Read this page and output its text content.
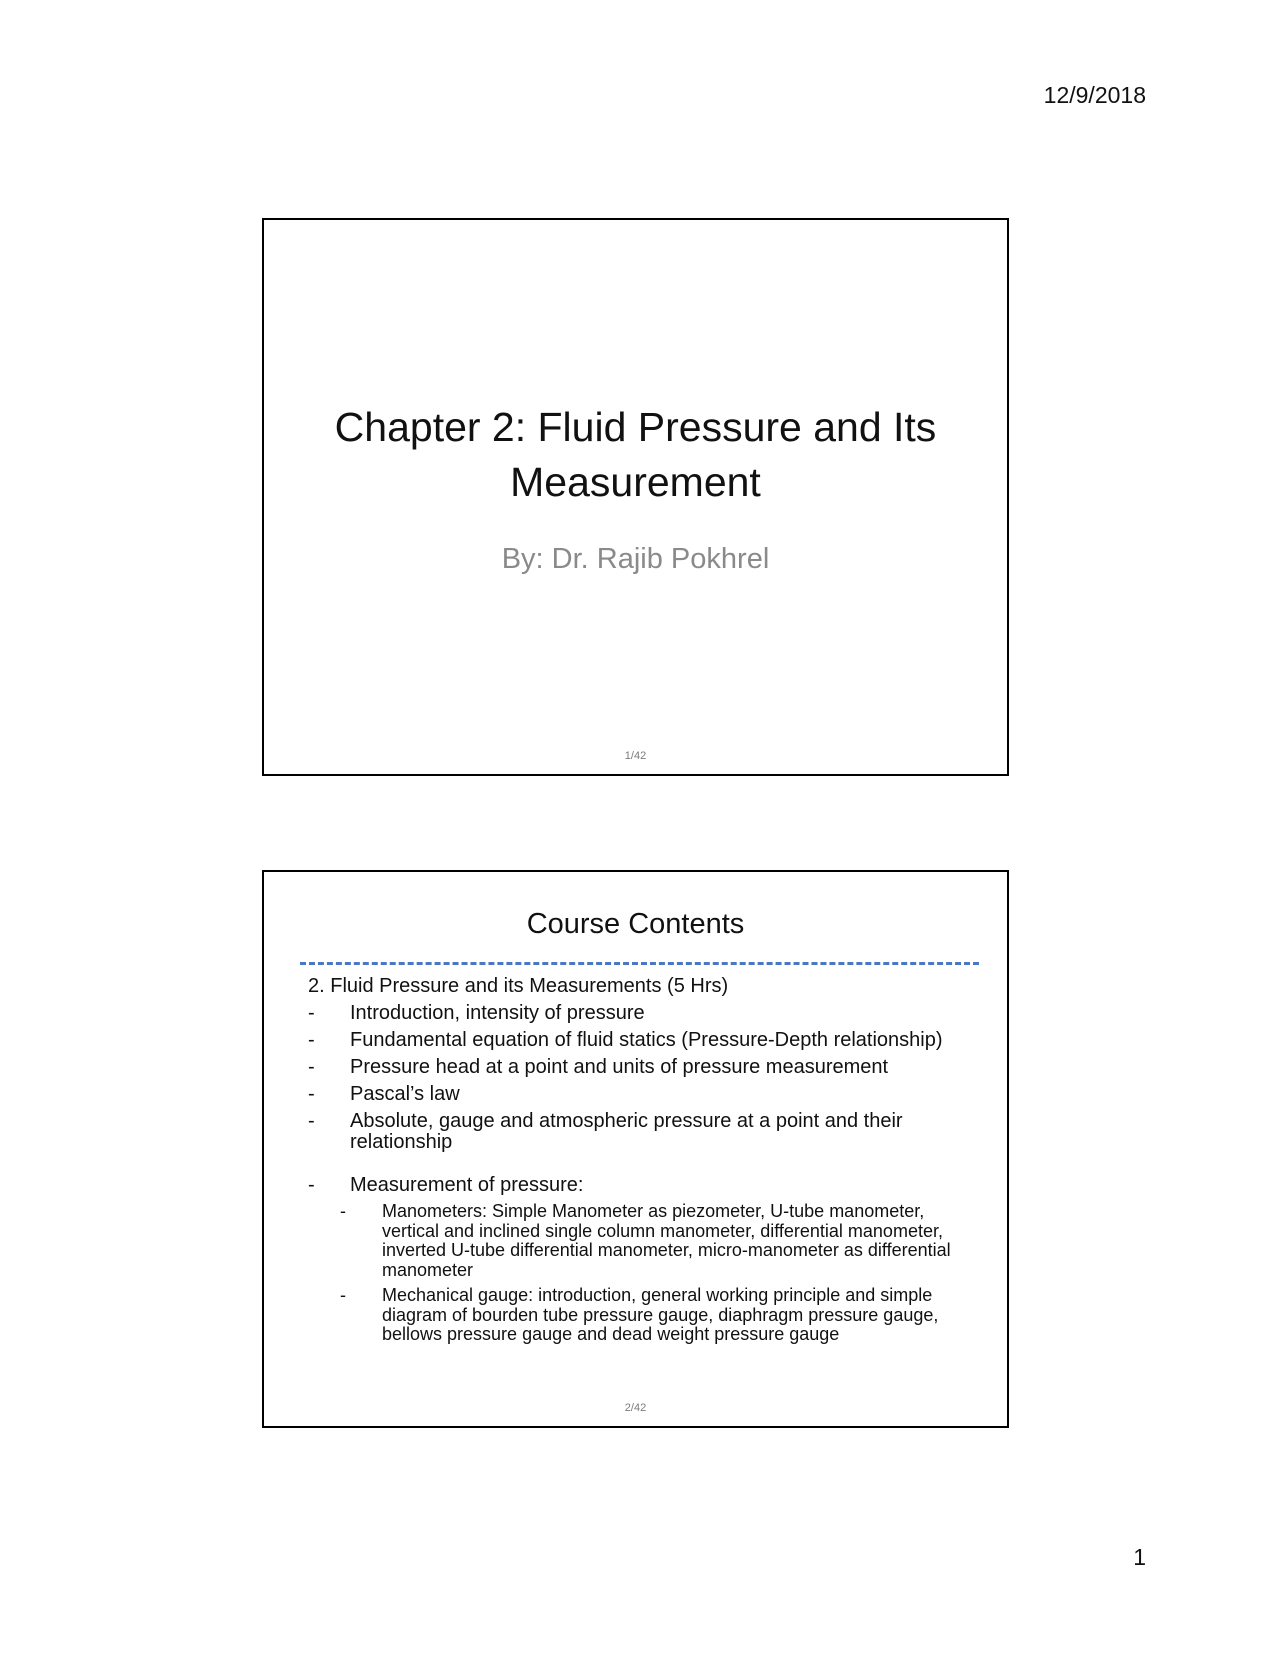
12/9/2018
Chapter 2: Fluid Pressure and Its Measurement
By: Dr. Rajib Pokhrel
1/42
Course Contents
2. Fluid Pressure and its Measurements (5 Hrs)
-	Introduction, intensity of pressure
-	Fundamental equation of fluid statics (Pressure-Depth relationship)
-	Pressure head at a point and units of pressure measurement
-	Pascal’s law
-	Absolute, gauge and atmospheric pressure at a point and their relationship
-	Measurement of pressure:
-	Manometers: Simple Manometer as piezometer, U-tube manometer, vertical and inclined single column manometer, differential manometer, inverted U-tube differential manometer, micro-manometer as differential manometer
-	Mechanical gauge: introduction, general working principle and simple diagram of bourden tube pressure gauge, diaphragm pressure gauge, bellows pressure gauge and dead weight pressure gauge
2/42
1
